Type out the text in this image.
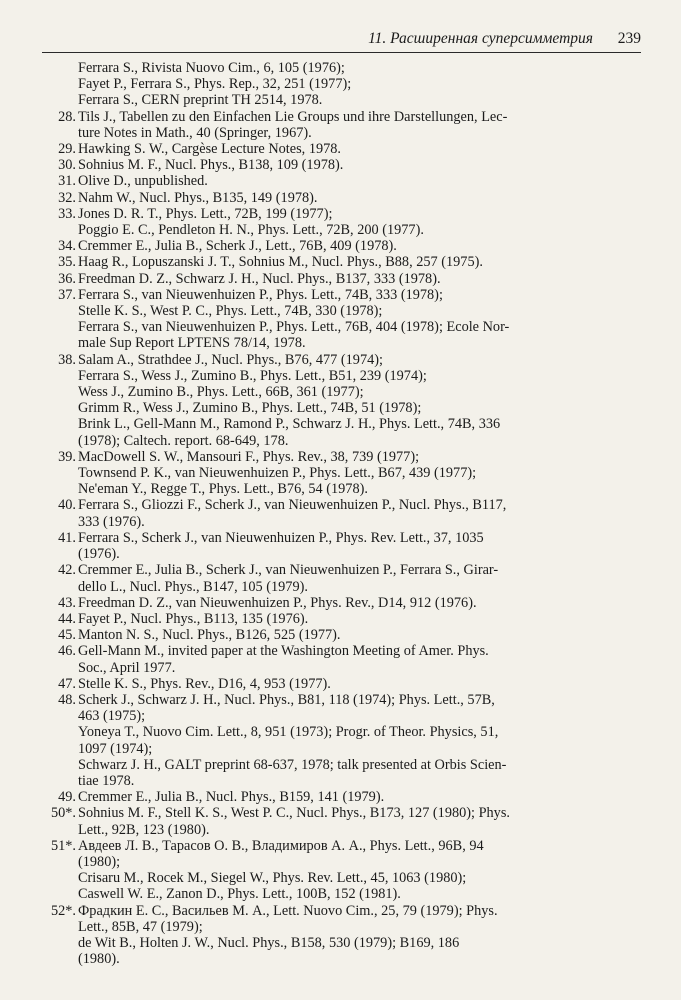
11. Расширенная суперсимметрия 239
Ferrara S., Rivista Nuovo Cim., 6, 105 (1976);
Fayet P., Ferrara S., Phys. Rep., 32, 251 (1977);
Ferrara S., CERN preprint TH 2514, 1978.
28. Tils J., Tabellen zu den Einfachen Lie Groups und ihre Darstellungen, Lec-
ture Notes in Math., 40 (Springer, 1967).
29. Hawking S. W., Cargèse Lecture Notes, 1978.
30. Sohnius M. F., Nucl. Phys., B138, 109 (1978).
31. Olive D., unpublished.
32. Nahm W., Nucl. Phys., B135, 149 (1978).
33. Jones D. R. T., Phys. Lett., 72B, 199 (1977);
Poggio E. C., Pendleton H. N., Phys. Lett., 72B, 200 (1977).
34. Cremmer E., Julia B., Scherk J., Lett., 76B, 409 (1978).
35. Haag R., Lopuszanski J. T., Sohnius M., Nucl. Phys., B88, 257 (1975).
36. Freedman D. Z., Schwarz J. H., Nucl. Phys., B137, 333 (1978).
37. Ferrara S., van Nieuwenhuizen P., Phys. Lett., 74B, 333 (1978);
Stelle K. S., West P. C., Phys. Lett., 74B, 330 (1978);
Ferrara S., van Nieuwenhuizen P., Phys. Lett., 76B, 404 (1978); Ecole Nor-
male Sup Report LPTENS 78/14, 1978.
38. Salam A., Strathdee J., Nucl. Phys., B76, 477 (1974);
Ferrara S., Wess J., Zumino B., Phys. Lett., B51, 239 (1974);
Wess J., Zumino B., Phys. Lett., 66B, 361 (1977);
Grimm R., Wess J., Zumino B., Phys. Lett., 74B, 51 (1978);
Brink L., Gell-Mann M., Ramond P., Schwarz J. H., Phys. Lett., 74B, 336
(1978); Caltech. report. 68-649, 178.
39. MacDowell S. W., Mansouri F., Phys. Rev., 38, 739 (1977);
Townsend P. K., van Nieuwenhuizen P., Phys. Lett., B67, 439 (1977);
Ne'eman Y., Regge T., Phys. Lett., B76, 54 (1978).
40. Ferrara S., Gliozzi F., Scherk J., van Nieuwenhuizen P., Nucl. Phys., B117,
333 (1976).
41. Ferrara S., Scherk J., van Nieuwenhuizen P., Phys. Rev. Lett., 37, 1035
(1976).
42. Cremmer E., Julia B., Scherk J., van Nieuwenhuizen P., Ferrara S., Girar-
dello L., Nucl. Phys., B147, 105 (1979).
43. Freedman D. Z., van Nieuwenhuizen P., Phys. Rev., D14, 912 (1976).
44. Fayet P., Nucl. Phys., B113, 135 (1976).
45. Manton N. S., Nucl. Phys., B126, 525 (1977).
46. Gell-Mann M., invited paper at the Washington Meeting of Amer. Phys.
Soc., April 1977.
47. Stelle K. S., Phys. Rev., D16, 4, 953 (1977).
48. Scherk J., Schwarz J. H., Nucl. Phys., B81, 118 (1974); Phys. Lett., 57B,
463 (1975);
Yoneya T., Nuovo Cim. Lett., 8, 951 (1973); Progr. of Theor. Physics, 51,
1097 (1974);
Schwarz J. H., GALT preprint 68-637, 1978; talk presented at Orbis Scien-
tiae 1978.
49. Cremmer E., Julia B., Nucl. Phys., B159, 141 (1979).
50*. Sohnius M. F., Stell K. S., West P. C., Nucl. Phys., B173, 127 (1980); Phys.
Lett., 92B, 123 (1980).
51*. Авдеев Л. В., Тарасов О. В., Владимиров А. А., Phys. Lett., 96B, 94
(1980);
Crisaru M., Rocek M., Siegel W., Phys. Rev. Lett., 45, 1063 (1980);
Caswell W. E., Zanon D., Phys. Lett., 100B, 152 (1981).
52*. Фрадкин Е. С., Васильев М. А., Lett. Nuovo Cim., 25, 79 (1979); Phys.
Lett., 85B, 47 (1979);
de Wit B., Holten J. W., Nucl. Phys., B158, 530 (1979); B169, 186
(1980).
